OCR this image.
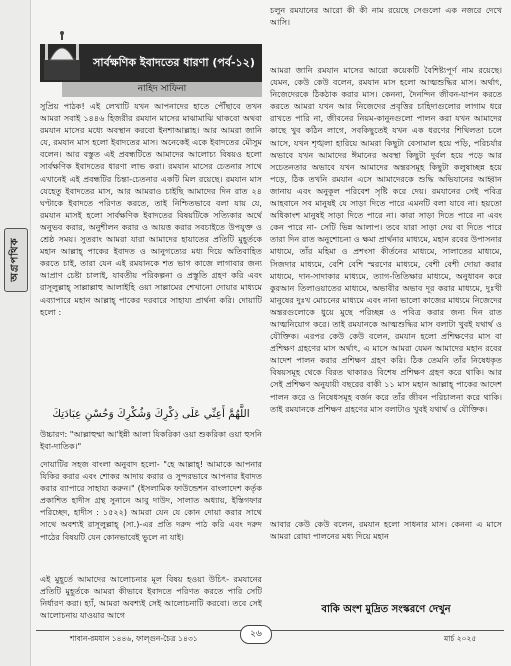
অগ্রপথিক
সার্বক্ষণিক ইবাদতের ধারণা (পর্ব-১২)
নাহিদ সাফিনা

সুপ্রিয় পাঠক! এই লেখাটি যখন আপনাদের হাতে পৌঁছাবে তখন আমরা সবাই ১৪৪৬ হিজরীর রমযান মাসের মাঝামাঝি থাকবো অথবা রমযান মাসের মধ্যে অবস্থান করবো ইনশাআল্লাহ। আর আমরা জানি যে, রমযান মাস হলো ইবাদতের মাস। অনেকেই একে ইবাদতের মৌসুম বলেন। আর বস্তুত এই প্রবন্ধটিতে আমাদের আলোচ্য বিষয়ও হলো সার্বক্ষণিক ইবাদতের ধারণা লাভ করা। রমযান মাসের চেতনার সাথে এখানেই এই প্রবন্ধটির চিন্তা-চেতনার একটি মিল রয়েছে। রমযান মাস যেহেতু ইবাদতের মাস, আর আমরাও চাইছি আমাদের দিন রাত ২৪ ঘণ্টাকে ইবাদতে পরিণত করতে, তাই নিশ্চিতভাবে বলা যায় যে, রমযান মাসই হলো সার্বক্ষণিক ইবাদতের বিষয়টিকে সত্যিকার অর্থে অনুভব করার, অনুশীলন করার ও আয়ত্ত করার সবচাইতে উপযুক্ত ও শ্রেষ্ঠ সময়। সুতরাং আমরা যারা আমাদের হায়াতের প্রতিটি মুহূর্তকে মহান আল্লাহ্ পাকের ইবাদত ও আনুগত্যের মধ্য দিয়ে অতিবাহিত করতে চাই, তারা যেন এই রমযানকে শত ভাগ কাজে লাগাবার জন্য আপ্রাণ চেষ্টা চালাই, যাবতীয় পরিকল্পনা ও প্রস্তুতি গ্রহণ করি এবং রাসূলুল্লাহ্ সাল্লাল্লাহু আলাইহি ওয়া সাল্লামের শেখানো দোয়ার মাধ্যমে এব্যাপারে মহান আল্লাহ্ পাকের দরবারে সাহায্য প্রার্থনা করি। দোয়াটি হলো :

اللَّهُمَّ أَعِنِّي عَلَى ذِكْرِكَ وَشُكْرِكَ وَحُسْنِ عِبَادَتِكَ

উচ্চারণ: "আল্লাহুম্মা আ'ইন্নী আলা যিকরিকা ওয়া শুকরিকা ওয়া হুসনি ইবা-দাতিক।"

দোয়াটির সহজ বাংলা অনুবাদ হলো- "হে আল্লাহ্! আমাকে আপনার যিকির করার এবং শোকর আদায় করার ও সুন্দরভাবে আপনার ইবাদত করার ব্যাপারে সাহায্য করুন।" (ইসলামিক ফাউন্ডেশন বাংলাদেশ কর্তৃক প্রকাশিত হাদীস গ্রন্থ সুনানে আবু দাউদ, সালাত অধ্যায়, ইস্তিগফার পরিচ্ছেদ, হাদীস : ১৫২২) আমরা যেন যে কোন দোয়া করার সাথে সাথে অবশ্যই রাসূলুল্লাহ্ (সা.)-এর প্রতি দরুদ পাঠ করি এবং দরুদ পাঠের বিষয়টি যেন কোনভাবেই ভুলে না যাই।

এই মুহূর্তে আমাদের আলোচনার মূল বিষয় হওয়া উচিৎ- রমযানের প্রতিটি মুহূর্তকে আমরা কীভাবে ইবাদতে পরিণত করতে পারি সেটি নির্ধারণ করা। হ্যাঁ, আমরা অবশ্যই সেই আলোচনাটি করবো। তবে সেই আলোচনায় যাওয়ার আগে

চলুন রমযানের আরো কী কী নাম রয়েছে সেগুলো এক নজরে দেখে আসি।

আমরা জানি রমযান মাসের আরো কয়েকটি বৈশিষ্ট্যপূর্ণ নাম রয়েছে। যেমন, কেউ কেউ বলেন, রমযান মাস হলো আত্মশুদ্ধির মাস। অর্থাৎ, নিজেদেরকে ঠিকঠাক করার মাস। কেননা, দৈনন্দিন জীবন-যাপন করতে করতে আমরা যখন আর নিজেদের প্রবৃত্তির চাহিদাগুলোর লাগাম ধরে রাখতে পারি না, জীবনের নিয়ম-কানুনগুলো পালন করা যখন আমাদের কাছে খুব কঠিন লাগে, সবকিছুতেই যখন এক ধরণের শিথিলতা চলে আসে, যখন শৃঙ্খলা হারিয়ে আমরা কিছুটা বেসামাল হয়ে পড়ি, পরিচর্যার অভাবে যখন আমাদের ঈমানের অবস্থা কিছুটা দুর্বল হয়ে পড়ে আর সচেতনতার অভাবে যখন আমাদের অন্তরসমূহ কিছুটা কলুষাচ্ছন্ন হয়ে পড়ে, ঠিক তখনি রমযান এসে আমাদেরকে শুদ্ধি অভিযানের আহ্বান জানায় এবং অনুকূল পরিবেশ সৃষ্টি করে দেয়। রমযানের সেই পবিত্র আহবানে সব মানুষই যে সাড়া দিতে পারে এমনটি বলা যাবে না। হয়তো অধিকাংশ মানুষই সাড়া দিতে পারে না। কারা সাড়া দিতে পারে না এবং কেন পারে না- সেটি ভিন্ন আলাপ। তবে যারা সাড়া দেয় বা দিতে পারে তারা দিন রাত অনুশোচনা ও ক্ষমা প্রার্থনার মাধ্যমে, মহান রবের উপাসনার মাধ্যমে, তাঁর মহিমা ও প্রশংসা কীর্তনের মাধ্যমে, সালাতের মাধ্যমে, সিজদার মাধ্যমে, বেশি বেশি স্মরণের মাধ্যমে, বেশী বেশী দোয়া করার মাধ্যমে, দান-সাদাকার মাধ্যমে, ত্যাগ-তিতিক্ষার মাধ্যমে, অনুধাবন করে কুরআন তিলাওয়াতের মাধ্যমে, অভাবীর অভাব দূর করার মাধ্যমে, দুঃখী মানুষের দুঃখ মোচনের মাধ্যমে এবং নানা ভালো কাজের মাধ্যমে নিজেদের অন্তরগুলোকে ধুয়ে মুছে পরিচ্ছন্ন ও পবিত্র করার জন্য দিন রাত আত্মনিয়োগ করে। তাই রমযানকে আত্মশুদ্ধির মাস বলাটা খুবই যথার্থ ও যৌক্তিক। এরপর কেউ কেউ বলেন, রমযান হলো প্রশিক্ষণের মাস বা প্রশিক্ষণ গ্রহণের মাস অর্থাৎ, এ মাসে আমরা যেমন আমাদের মহান রবের আদেশ পালন করার প্রশিক্ষণ গ্রহণ করি। ঠিক তেমনি তাঁর নিষেধকৃত বিষয়সমূহ থেকে বিরত থাকারও বিশেষ প্রশিক্ষণ গ্রহণ করে থাকি। আর সেই প্রশিক্ষণ অনুযায়ী বছরের বাকী ১১ মাস মহান আল্লাহ্ পাকের আদেশ পালন করে ও নিষেধসমূহ বর্জন করে তাঁর জীবন পরিচালনা করে থাকি। তাই রমযানকে প্রশিক্ষণ গ্রহণের মাস বলাটাও খুবই যথার্থ ও যৌক্তিক।

আবার কেউ কেউ বলেন, রমযান হলো সাধনার মাস। কেননা এ মাসে আমরা রোযা পালনের মধ্য দিয়ে মহান

বাকি অংশ মুদ্রিত সংস্করণে দেখুন
শাবান-রমযান ১৪৪৬, ফাল্গুন-চৈত্র ১৪৩১	২৬	মার্চ ২০২৫
